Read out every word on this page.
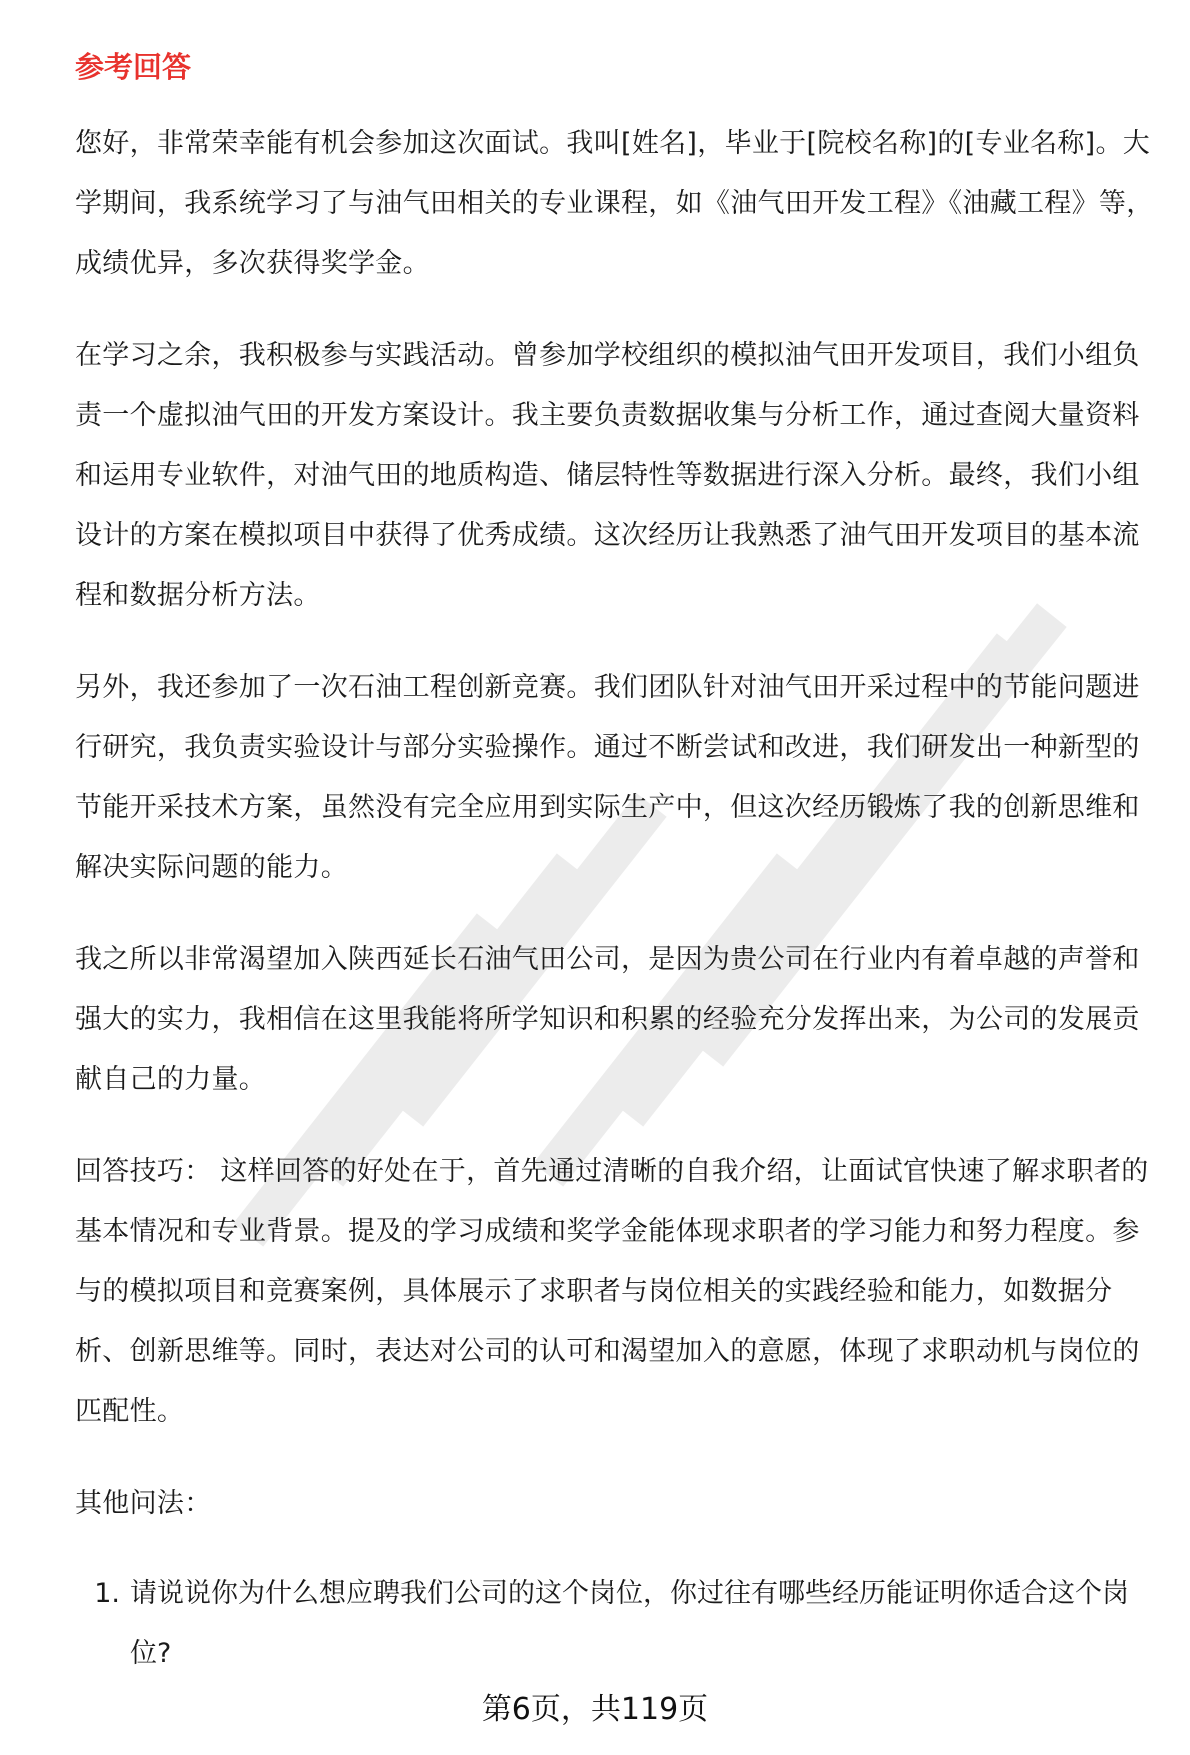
参考回答

您好，非常荣幸能有机会参加这次面试。我叫[姓名]，毕业于[院校名称]的[专业名称]。大学期间，我系统学习了与油气田相关的专业课程，如《油气田开发工程》《油藏工程》等，成绩优异，多次获得奖学金。

在学习之余，我积极参与实践活动。曾参加学校组织的模拟油气田开发项目，我们小组负责一个虚拟油气田的开发方案设计。我主要负责数据收集与分析工作，通过查阅大量资料和运用专业软件，对油气田的地质构造、储层特性等数据进行深入分析。最终，我们小组设计的方案在模拟项目中获得了优秀成绩。这次经历让我熟悉了油气田开发项目的基本流程和数据分析方法。

另外，我还参加了一次石油工程创新竞赛。我们团队针对油气田开采过程中的节能问题进行研究，我负责实验设计与部分实验操作。通过不断尝试和改进，我们研发出一种新型的节能开采技术方案，虽然没有完全应用到实际生产中，但这次经历锻炼了我的创新思维和解决实际问题的能力。

我之所以非常渴望加入陕西延长石油气田公司，是因为贵公司在行业内有着卓越的声誉和强大的实力，我相信在这里我能将所学知识和积累的经验充分发挥出来，为公司的发展贡献自己的力量。

回答技巧： 这样回答的好处在于，首先通过清晰的自我介绍，让面试官快速了解求职者的基本情况和专业背景。提及的学习成绩和奖学金能体现求职者的学习能力和努力程度。参与的模拟项目和竞赛案例，具体展示了求职者与岗位相关的实践经验和能力，如数据分析、创新思维等。同时，表达对公司的认可和渴望加入的意愿，体现了求职动机与岗位的匹配性。

其他问法：

1. 请说说你为什么想应聘我们公司的这个岗位，你过往有哪些经历能证明你适合这个岗位?
第6页，共119页
